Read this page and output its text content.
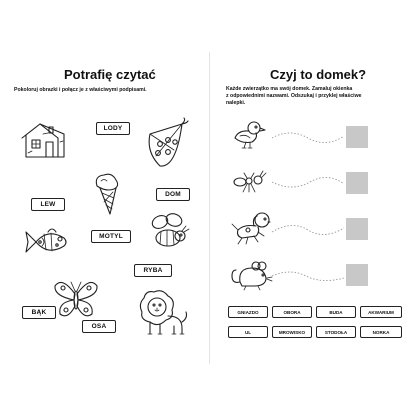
Potrafię czytać
Pokoloruj obrazki i połącz je z właściwymi podpisami.
LODY
LEW
DOM
MOTYL
RYBA
BĄK
OSA
Czyj to domek?
Każde zwierzątko ma swój domek. Zamaluj okienka
z odpowiednimi nazwami. Odszukaj i przyklej właściwe
nalepki.
GNIAZDO	OBORA	BUDA	AKWARIUM
UL	MROWISKO	STODOŁA	NORKA
